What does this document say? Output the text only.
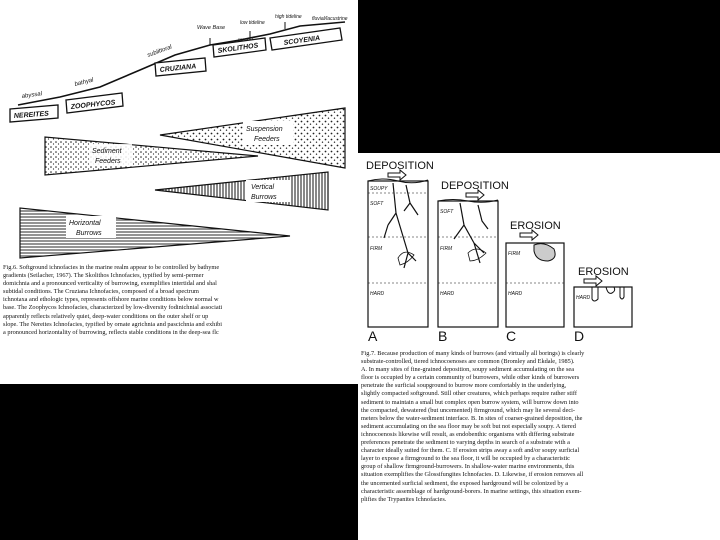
Wave Base
low tideline
high tideline fluvial/lacustrine
sublittoral
bathyal
abyssal
SCOYENIA
SKOLITHOS
CRUZIANA
ZOOPHYCOS
NEREITES
Suspension
Feeders
Sediment
Feeders
Vertical
Burrows
Horizontal
Burrows
Fig.6. Softground ichnofacies in the marine realm appear to be controlled by bathyme
gradients (Seilacher, 1967). The Skolithos Ichnofacies, typified by semi-permer
domichnia and a pronounced verticality of burrowing, exemplifies intertidal and shal
subtidal conditions. The Cruziana Ichnofacies, composed of a broad spectrum
ichnotaxa and ethologic types, represents offshore marine conditions below normal w
base. The Zoophycos Ichnofacies, characterized by low-diversity fodinichnial associati
apparently reflects relatively quiet, deep-water conditions on the outer shelf or up
slope. The Nereites Ichnofacies, typified by ornate agrichnia and pascichnia and exhibi
a pronounced horizontality of burrowing, reflects stable conditions in the deep-sea flc
DEPOSITION
SOUPY
SOFT
FIRM
HARD
A
DEPOSITION
SOFT
FIRM
HARD
B
EROSION
FIRM
HARD
C
EROSION
HARD
D
Fig.7. Because production of many kinds of burrows (and virtually all borings) is clearly
substrate-controlled, tiered ichnocoenoses are common (Bromley and Ekdale, 1985).
A. In many sites of fine-grained deposition, soupy sediment accumulating on the sea
floor is occupied by a certain community of burrowers, while other kinds of burrowers
penetrate the surficial soupground to burrow more comfortably in the underlying,
slightly compacted softground. Still other creatures, which perhaps require rather stiff
sediment to maintain a small but complex open burrow system, will burrow down into
the compacted, dewatered (but uncemented) firmground, which may lie several deci-
meters below the water-sediment interface. B. In sites of coarser-grained deposition, the
sediment accumulating on the sea floor may be soft but not especially soupy. A tiered
ichnocoenosis likewise will result, as endobenthic organisms with differing substrate
preferences penetrate the sediment to varying depths in search of a substrate with a
character ideally suited for them. C. If erosion strips away a soft and/or soupy surficial
layer to expose a firmground to the sea floor, it will be occupied by a characteristic
group of shallow firmground-burrowers. In shallow-water marine environments, this
situation exemplifies the Glossifungites Ichnofacies. D. Likewise, if erosion removes all
the uncemented surficial sediment, the exposed hardground will be colonized by a
characteristic assemblage of hardground-borers. In marine settings, this situation exem-
plifies the Trypanites Ichnofacies.
